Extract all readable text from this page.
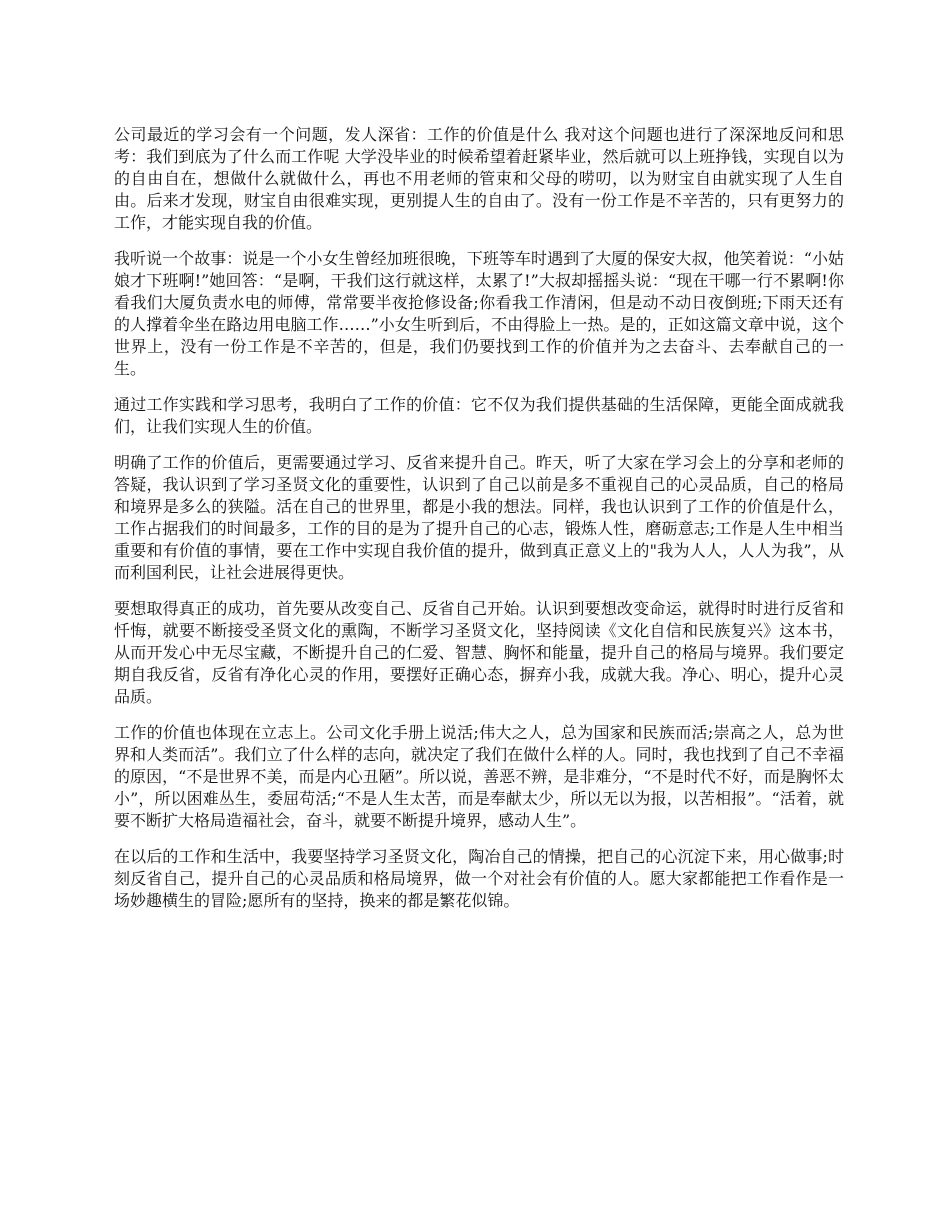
公司最近的学习会有一个问题，发人深省：工作的价值是什么 我对这个问题也进行了深深地反问和思考：我们到底为了什么而工作呢 大学没毕业的时候希望着赶紧毕业，然后就可以上班挣钱，实现自以为的自由自在，想做什么就做什么，再也不用老师的管束和父母的唠叨，以为财宝自由就实现了人生自由。后来才发现，财宝自由很难实现，更别提人生的自由了。没有一份工作是不辛苦的，只有更努力的工作，才能实现自我的价值。

我听说一个故事：说是一个小女生曾经加班很晚，下班等车时遇到了大厦的保安大叔，他笑着说：“小姑娘才下班啊!”她回答：“是啊，干我们这行就这样，太累了!”大叔却摇摇头说：“现在干哪一行不累啊!你看我们大厦负责水电的师傅，常常要半夜抢修设备;你看我工作清闲，但是动不动日夜倒班;下雨天还有的人撑着伞坐在路边用电脑工作……”小女生听到后，不由得脸上一热。是的，正如这篇文章中说，这个世界上，没有一份工作是不辛苦的，但是，我们仍要找到工作的价值并为之去奋斗、去奉献自己的一生。

通过工作实践和学习思考，我明白了工作的价值：它不仅为我们提供基础的生活保障，更能全面成就我们，让我们实现人生的价值。

明确了工作的价值后，更需要通过学习、反省来提升自己。昨天，听了大家在学习会上的分享和老师的答疑，我认识到了学习圣贤文化的重要性，认识到了自己以前是多不重视自己的心灵品质，自己的格局和境界是多么的狭隘。活在自己的世界里，都是小我的想法。同样，我也认识到了工作的价值是什么，工作占据我们的时间最多，工作的目的是为了提升自己的心志，锻炼人性，磨砺意志;工作是人生中相当重要和有价值的事情，要在工作中实现自我价值的提升，做到真正意义上的"我为人人，人人为我”，从而利国利民，让社会进展得更快。

要想取得真正的成功，首先要从改变自己、反省自己开始。认识到要想改变命运，就得时时进行反省和忏悔，就要不断接受圣贤文化的熏陶，不断学习圣贤文化，坚持阅读《文化自信和民族复兴》这本书，从而开发心中无尽宝藏，不断提升自己的仁爱、智慧、胸怀和能量，提升自己的格局与境界。我们要定期自我反省，反省有净化心灵的作用，要摆好正确心态，摒弃小我，成就大我。净心、明心，提升心灵品质。

工作的价值也体现在立志上。公司文化手册上说活;伟大之人，总为国家和民族而活;崇高之人，总为世界和人类而活”。我们立了什么样的志向，就决定了我们在做什么样的人。同时，我也找到了自己不幸福的原因，“不是世界不美，而是内心丑陋”。所以说，善恶不辨，是非难分，“不是时代不好，而是胸怀太小”，所以困难丛生，委屈苟活;“不是人生太苦，而是奉献太少，所以无以为报，以苦相报”。“活着，就要不断扩大格局造福社会，奋斗，就要不断提升境界，感动人生”。

在以后的工作和生活中，我要坚持学习圣贤文化，陶冶自己的情操，把自己的心沉淀下来，用心做事;时刻反省自己，提升自己的心灵品质和格局境界，做一个对社会有价值的人。愿大家都能把工作看作是一场妙趣横生的冒险;愿所有的坚持，换来的都是繁花似锦。
